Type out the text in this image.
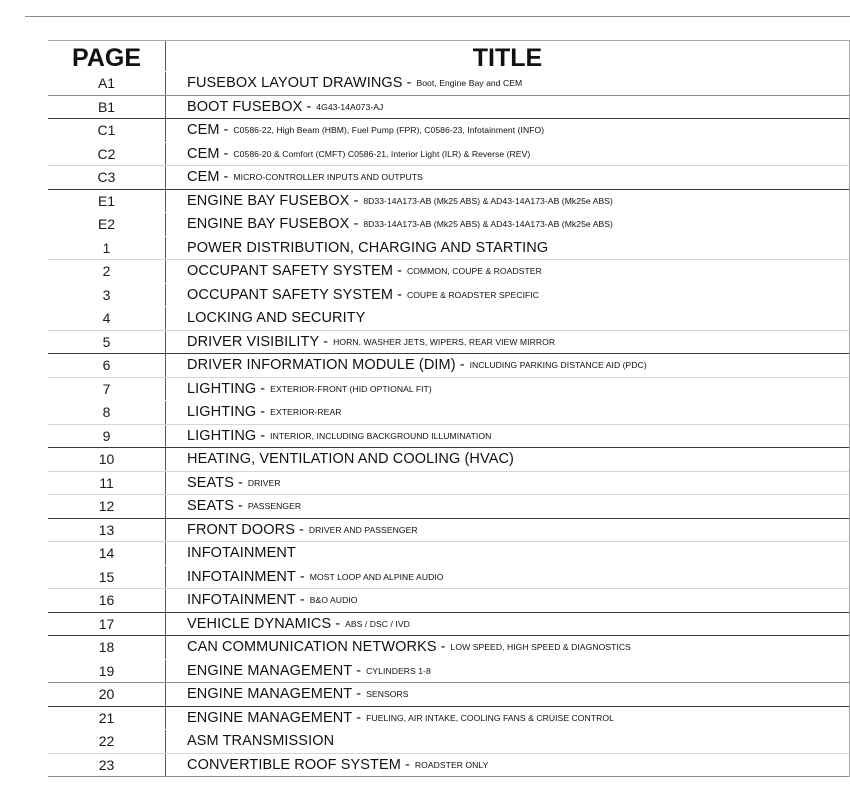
PAGE	TITLE
A1	FUSEBOX LAYOUT DRAWINGS - Boot, Engine Bay and CEM
B1	BOOT FUSEBOX - 4G43-14A073-AJ
C1	CEM - C0586-22, High Beam (HBM), Fuel Pump (FPR), C0586-23, Infotainment (INFO)
C2	CEM - C0586-20 & Comfort (CMFT) C0586-21, Interior Light (ILR) & Reverse (REV)
C3	CEM - MICRO-CONTROLLER INPUTS AND OUTPUTS
E1	ENGINE BAY FUSEBOX - 8D33-14A173-AB (Mk25 ABS) & AD43-14A173-AB (Mk25e ABS)
E2	ENGINE BAY FUSEBOX - 8D33-14A173-AB (Mk25 ABS) & AD43-14A173-AB (Mk25e ABS)
1	POWER DISTRIBUTION, CHARGING AND STARTING
2	OCCUPANT SAFETY SYSTEM - COMMON, COUPE & ROADSTER
3	OCCUPANT SAFETY SYSTEM - COUPE & ROADSTER SPECIFIC
4	LOCKING AND SECURITY
5	DRIVER VISIBILITY - HORN, WASHER JETS, WIPERS, REAR VIEW MIRROR
6	DRIVER INFORMATION MODULE (DIM) - INCLUDING PARKING DISTANCE AID (PDC)
7	LIGHTING - EXTERIOR-FRONT (HID OPTIONAL FIT)
8	LIGHTING - EXTERIOR-REAR
9	LIGHTING - INTERIOR, INCLUDING BACKGROUND ILLUMINATION
10	HEATING, VENTILATION AND COOLING (HVAC)
11	SEATS - DRIVER
12	SEATS - PASSENGER
13	FRONT DOORS - DRIVER AND PASSENGER
14	INFOTAINMENT
15	INFOTAINMENT - MOST LOOP AND ALPINE AUDIO
16	INFOTAINMENT - B&O AUDIO
17	VEHICLE DYNAMICS - ABS / DSC / IVD
18	CAN COMMUNICATION NETWORKS - LOW SPEED, HIGH SPEED & DIAGNOSTICS
19	ENGINE MANAGEMENT - CYLINDERS 1-8
20	ENGINE MANAGEMENT - SENSORS
21	ENGINE MANAGEMENT - FUELING, AIR INTAKE, COOLING FANS & CRUISE CONTROL
22	ASM TRANSMISSION
23	CONVERTIBLE ROOF SYSTEM - ROADSTER ONLY
